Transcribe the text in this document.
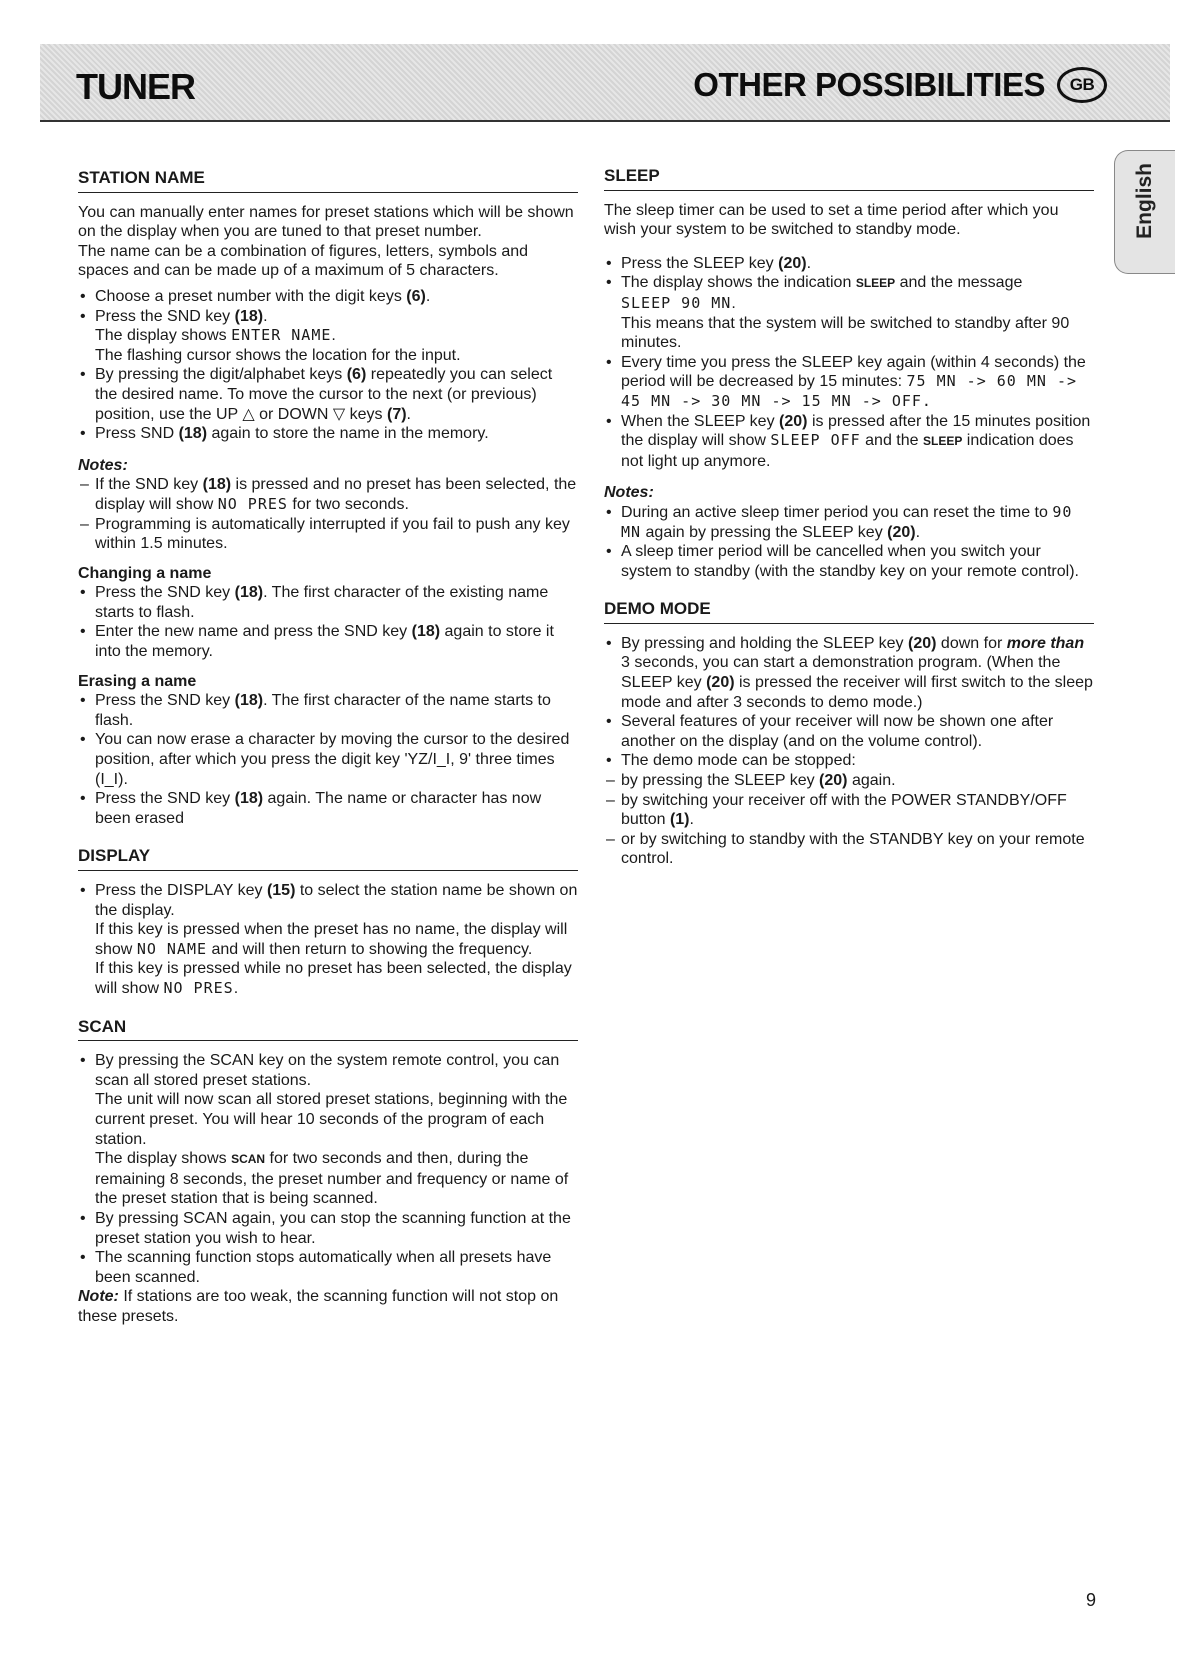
TUNER	OTHER POSSIBILITIES	GB
English
STATION NAME

You can manually enter names for preset stations which will be shown on the display when you are tuned to that preset number.

The name can be a combination of figures, letters, symbols and spaces and can be made up of a maximum of 5 characters.

• Choose a preset number with the digit keys (6).
• Press the SND key (18).
The display shows ENTER NAME.
The flashing cursor shows the location for the input.
• By pressing the digit/alphabet keys (6) repeatedly you can select the desired name. To move the cursor to the next (or previous) position, use the UP △ or DOWN ▽ keys (7).
• Press SND (18) again to store the name in the memory.

Notes:

– If the SND key (18) is pressed and no preset has been selected, the display will show NO PRES for two seconds.
– Programming is automatically interrupted if you fail to push any key within 1.5 minutes.
Changing a name
• Press the SND key (18). The first character of the existing name starts to flash.
• Enter the new name and press the SND key (18) again to store it into the memory.
Erasing a name
• Press the SND key (18). The first character of the name starts to flash.
• You can now erase a character by moving the cursor to the desired position, after which you press the digit key 'YZ/I_I, 9' three times (I_I).
• Press the SND key (18) again. The name or character has now been erased
DISPLAY
• Press the DISPLAY key (15) to select the station name be shown on the display.
If this key is pressed when the preset has no name, the display will show NO NAME and will then return to showing the frequency.
If this key is pressed while no preset has been selected, the display will show NO PRES.
SCAN
• By pressing the SCAN key on the system remote control, you can scan all stored preset stations.
The unit will now scan all stored preset stations, beginning with the current preset. You will hear 10 seconds of the program of each station.
The display shows SCAN for two seconds and then, during the remaining 8 seconds, the preset number and frequency or name of the preset station that is being scanned.
• By pressing SCAN again, you can stop the scanning function at the preset station you wish to hear.
• The scanning function stops automatically when all presets have been scanned.

Note: If stations are too weak, the scanning function will not stop on these presets.

SLEEP

The sleep timer can be used to set a time period after which you wish your system to be switched to standby mode.

• Press the SLEEP key (20).
• The display shows the indication SLEEP and the message
SLEEP 90 MN.
This means that the system will be switched to standby after 90 minutes.
• Every time you press the SLEEP key again (within 4 seconds) the period will be decreased by 15 minutes: 75 MN -> 60 MN -> 45 MN -> 30 MN -> 15 MN -> OFF.
• When the SLEEP key (20) is pressed after the 15 minutes position the display will show SLEEP OFF and the SLEEP indication does not light up anymore.

Notes:

• During an active sleep timer period you can reset the time to 90 MN again by pressing the SLEEP key (20).
• A sleep timer period will be cancelled when you switch your system to standby (with the standby key on your remote control).
DEMO MODE
• By pressing and holding the SLEEP key (20) down for more than 3 seconds, you can start a demonstration program. (When the SLEEP key (20) is pressed the receiver will first switch to the sleep mode and after 3 seconds to demo mode.)
• Several features of your receiver will now be shown one after another on the display (and on the volume control).
• The demo mode can be stopped:
– by pressing the SLEEP key (20) again.
– by switching your receiver off with the POWER STANDBY/OFF button (1).
– or by switching to standby with the STANDBY key on your remote control.
9
